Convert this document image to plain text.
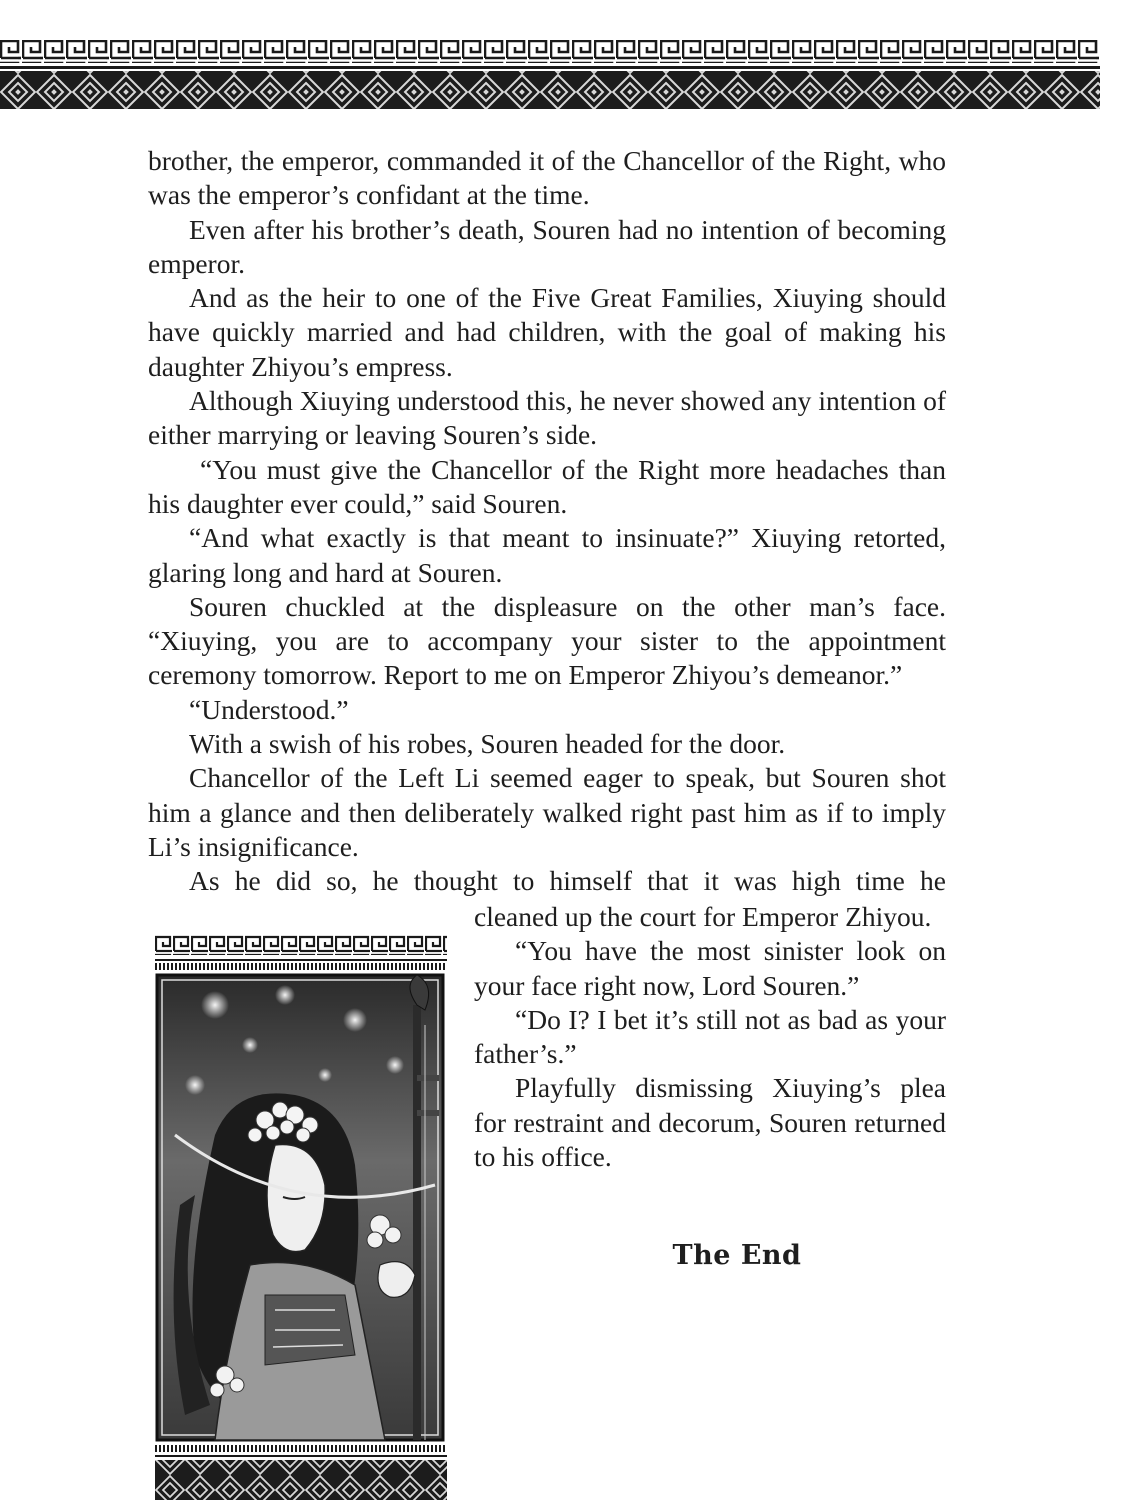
brother, the emperor, commanded it of the Chancellor of the Right, who was the emperor’s confidant at the time.

Even after his brother’s death, Souren had no intention of becoming emperor.

And as the heir to one of the Five Great Families, Xiuying should have quickly married and had children, with the goal of making his daughter Zhiyou’s empress.

Although Xiuying understood this, he never showed any intention of either marrying or leaving Souren’s side.

“You must give the Chancellor of the Right more headaches than his daughter ever could,” said Souren.

“And what exactly is that meant to insinuate?” Xiuying retorted, glaring long and hard at Souren.

Souren chuckled at the displeasure on the other man’s face. “Xiuying, you are to accompany your sister to the appointment ceremony tomorrow. Report to me on Emperor Zhiyou’s demeanor.”

“Understood.”

With a swish of his robes, Souren headed for the door.

Chancellor of the Left Li seemed eager to speak, but Souren shot him a glance and then deliberately walked right past him as if to imply Li’s insignificance.

As he did so, he thought to himself that it was high time he

cleaned up the court for Emperor Zhiyou.

“You have the most sinister look on your face right now, Lord Souren.”

“Do I? I bet it’s still not as bad as your father’s.”

Playfully dismissing Xiuying’s plea for restraint and decorum, Souren returned to his office.

The End
